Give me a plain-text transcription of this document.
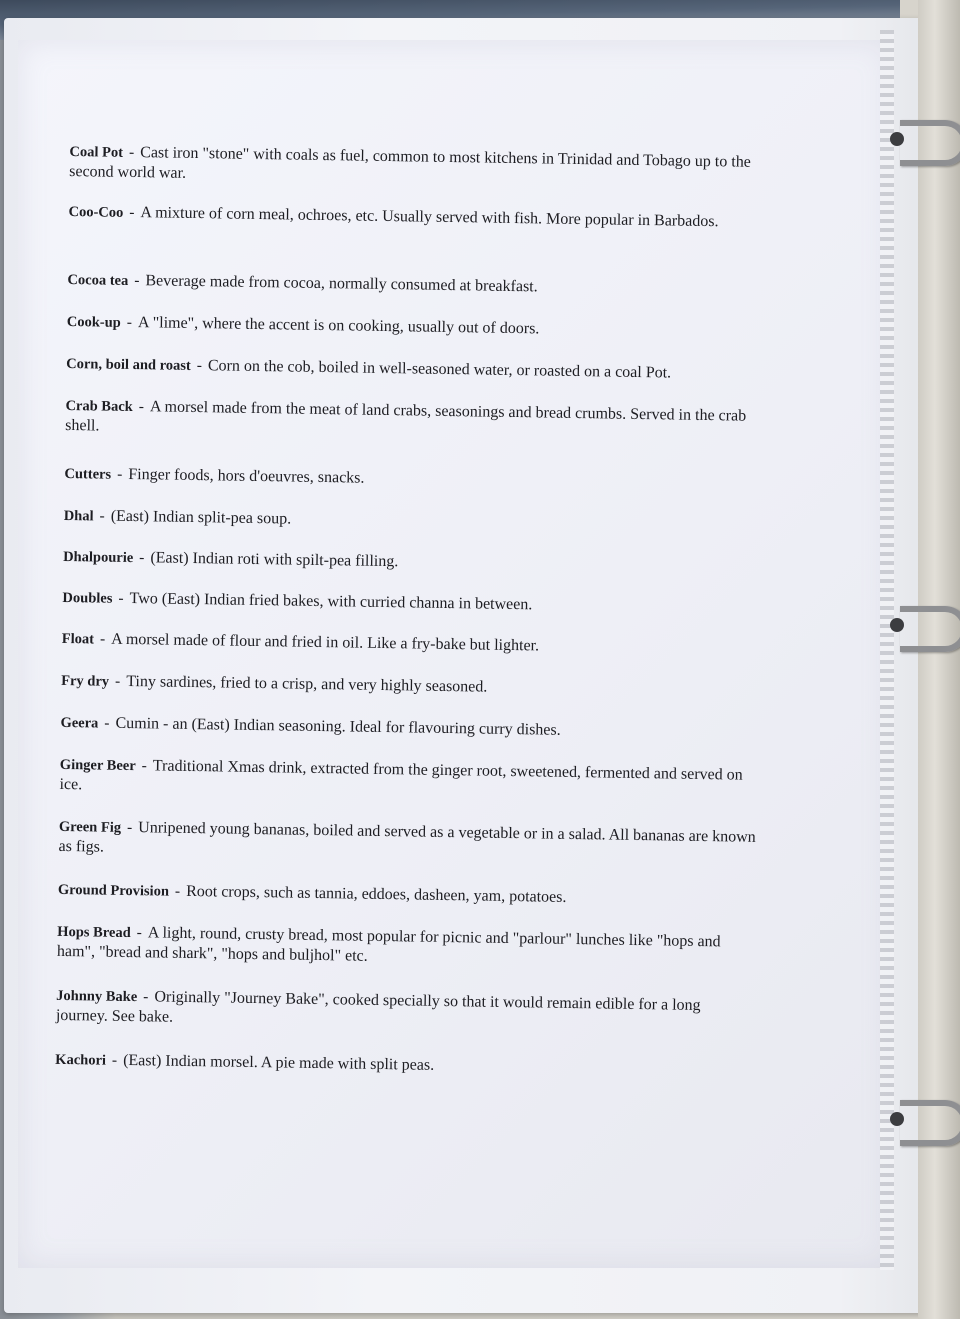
Coal Pot - Cast iron "stone" with coals as fuel, common to most kitchens in Trinidad and Tobago up to the second world war.
Coo-Coo - A mixture of corn meal, ochroes, etc. Usually served with fish. More popular in Barbados.
Cocoa tea - Beverage made from cocoa, normally consumed at breakfast.
Cook-up - A "lime", where the accent is on cooking, usually out of doors.
Corn, boil and roast - Corn on the cob, boiled in well-seasoned water, or roasted on a coal Pot.
Crab Back - A morsel made from the meat of land crabs, seasonings and bread crumbs. Served in the crab shell.
Cutters - Finger foods, hors d'oeuvres, snacks.
Dhal - (East) Indian split-pea soup.
Dhalpourie - (East) Indian roti with spilt-pea filling.
Doubles - Two (East) Indian fried bakes, with curried channa in between.
Float - A morsel made of flour and fried in oil. Like a fry-bake but lighter.
Fry dry - Tiny sardines, fried to a crisp, and very highly seasoned.
Geera - Cumin - an (East) Indian seasoning. Ideal for flavouring curry dishes.
Ginger Beer - Traditional Xmas drink, extracted from the ginger root, sweetened, fermented and served on ice.
Green Fig - Unripened young bananas, boiled and served as a vegetable or in a salad. All bananas are known as figs.
Ground Provision - Root crops, such as tannia, eddoes, dasheen, yam, potatoes.
Hops Bread - A light, round, crusty bread, most popular for picnic and "parlour" lunches like "hops and ham", "bread and shark", "hops and buljhol" etc.
Johnny Bake - Originally "Journey Bake", cooked specially so that it would remain edible for a long journey. See bake.
Kachori - (East) Indian morsel. A pie made with split peas.
